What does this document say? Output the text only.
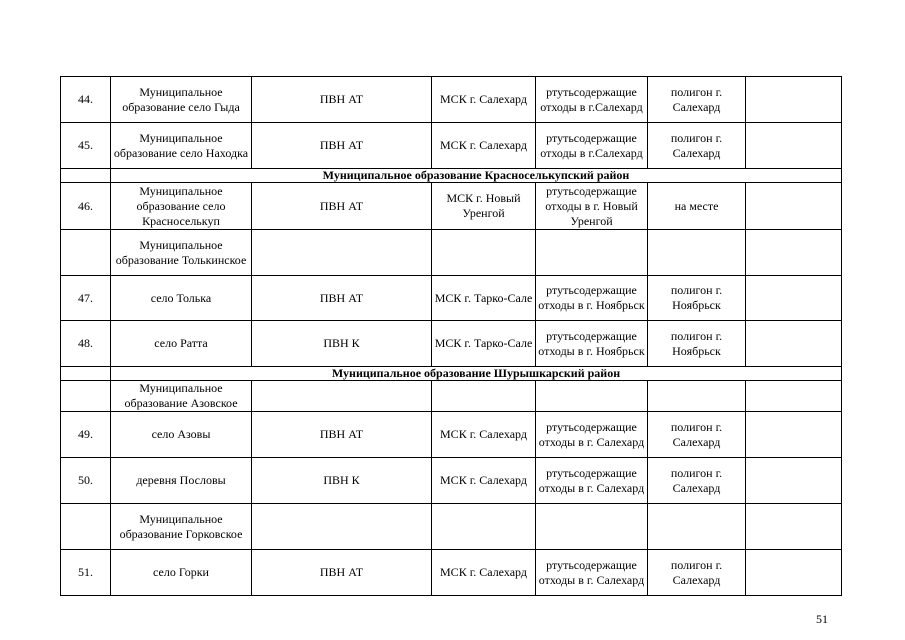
44.	Муниципальное образование село Гыда	ПВН АТ	МСК г. Салехард	ртутьсодержащие отходы в г.Салехард	полигон г. Салехард	
45.	Муниципальное образование село Находка	ПВН АТ	МСК г. Салехард	ртутьсодержащие отходы в г.Салехард	полигон г. Салехард	
	Муниципальное образование Красноселькупский район					
46.	Муниципальное образование село Красноселькуп	ПВН АТ	МСК г. Новый Уренгой	ртутьсодержащие отходы в г. Новый Уренгой	на месте	
	Муниципальное образование Толькинское					
47.	село Толька	ПВН АТ	МСК г. Тарко-Сале	ртутьсодержащие отходы в г. Ноябрьск	полигон г. Ноябрьск	
48.	село Ратта	ПВН К	МСК г. Тарко-Сале	ртутьсодержащие отходы в г. Ноябрьск	полигон г. Ноябрьск	
	Муниципальное образование Шурышкарский район					
	Муниципальное образование Азовское					
49.	село Азовы	ПВН АТ	МСК г. Салехард	ртутьсодержащие отходы в г. Салехард	полигон г. Салехард	
50.	деревня Пословы	ПВН К	МСК г. Салехард	ртутьсодержащие отходы в г. Салехард	полигон г. Салехард	
	Муниципальное образование Горковское					
51.	село Горки	ПВН АТ	МСК г. Салехард	ртутьсодержащие отходы в г. Салехард	полигон г. Салехард	
51
